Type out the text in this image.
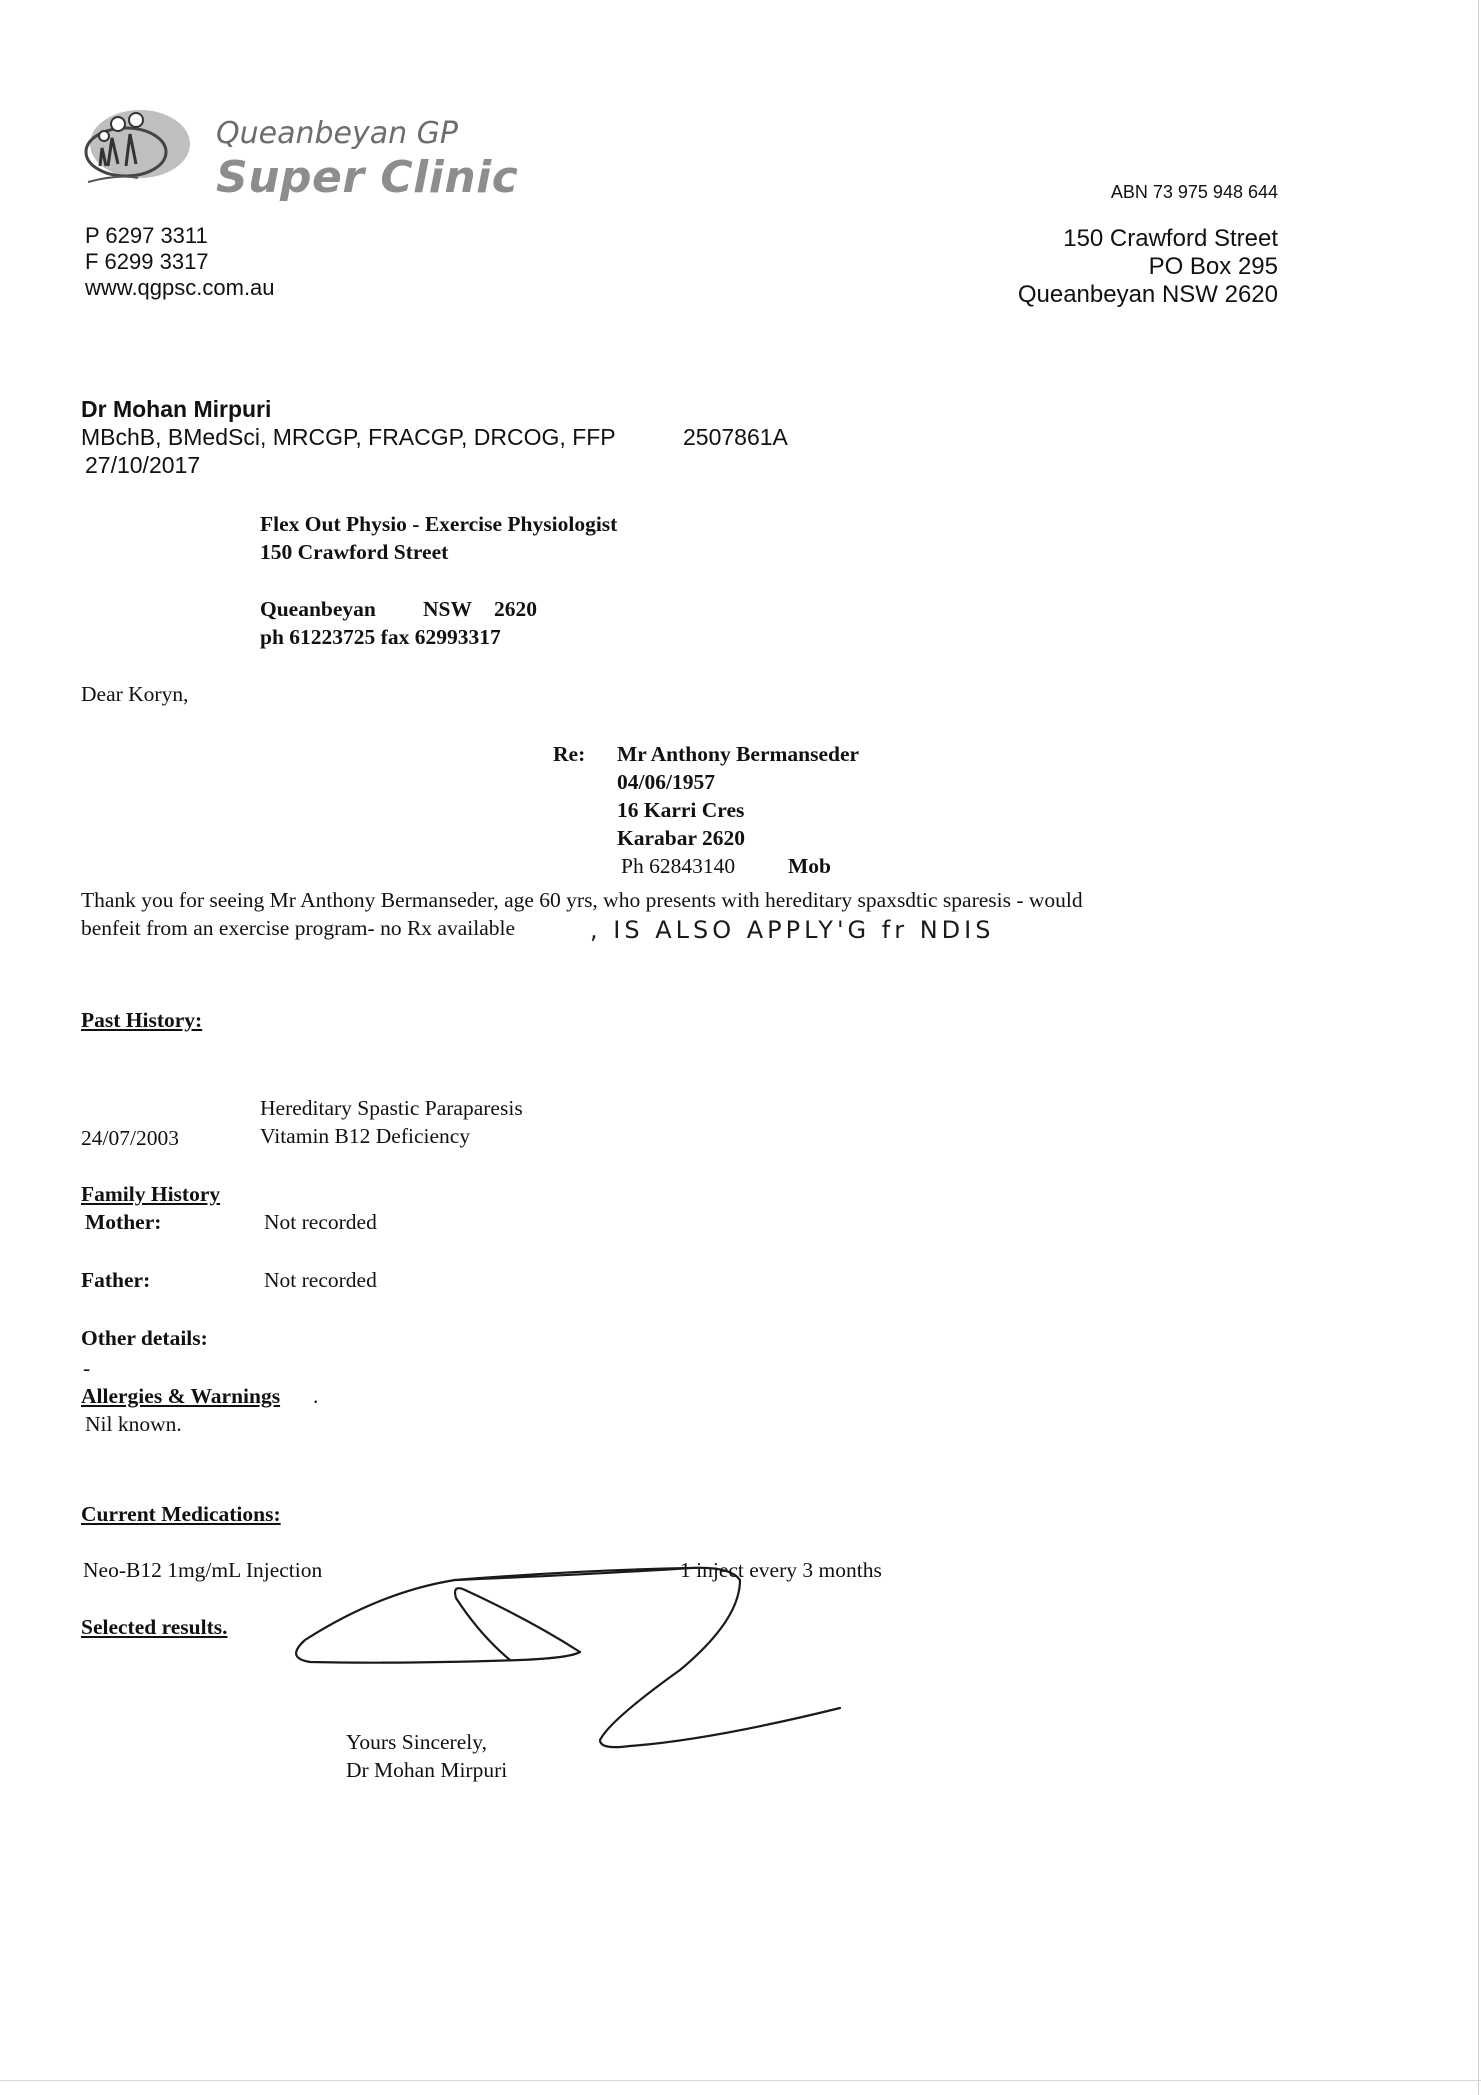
Queanbeyan GP
Super Clinic	ABN 73 975 948 644
P 6297 3311
F 6299 3317
www.qgpsc.com.au
150 Crawford Street
PO Box 295
Queanbeyan NSW 2620
Dr Mohan Mirpuri
MBchB, BMedSci, MRCGP, FRACGP, DRCOG, FFP	2507861A
27/10/2017
Flex Out Physio - Exercise Physiologist
150 Crawford Street
Queanbeyan NSW 2620
ph 61223725 fax 62993317
Dear Koryn,
Re: Mr Anthony Bermanseder
04/06/1957
16 Karri Cres
Karabar 2620
Ph 62843140 Mob
Thank you for seeing Mr Anthony Bermanseder, age 60 yrs, who presents with hereditary spaxsdtic sparesis - would
benfeit from an exercise program- no Rx available	, IS ALSO APPLY'G fr NDIS
Past History:
Hereditary Spastic Paraparesis
24/07/2003	Vitamin B12 Deficiency
Family History
Mother:	Not recorded
Father:	Not recorded
Other details:
-
Allergies & Warnings .
Nil known.
Current Medications:
Neo-B12 1mg/mL Injection	1 inject every 3 months
Selected results.
Yours Sincerely,
Dr Mohan Mirpuri
